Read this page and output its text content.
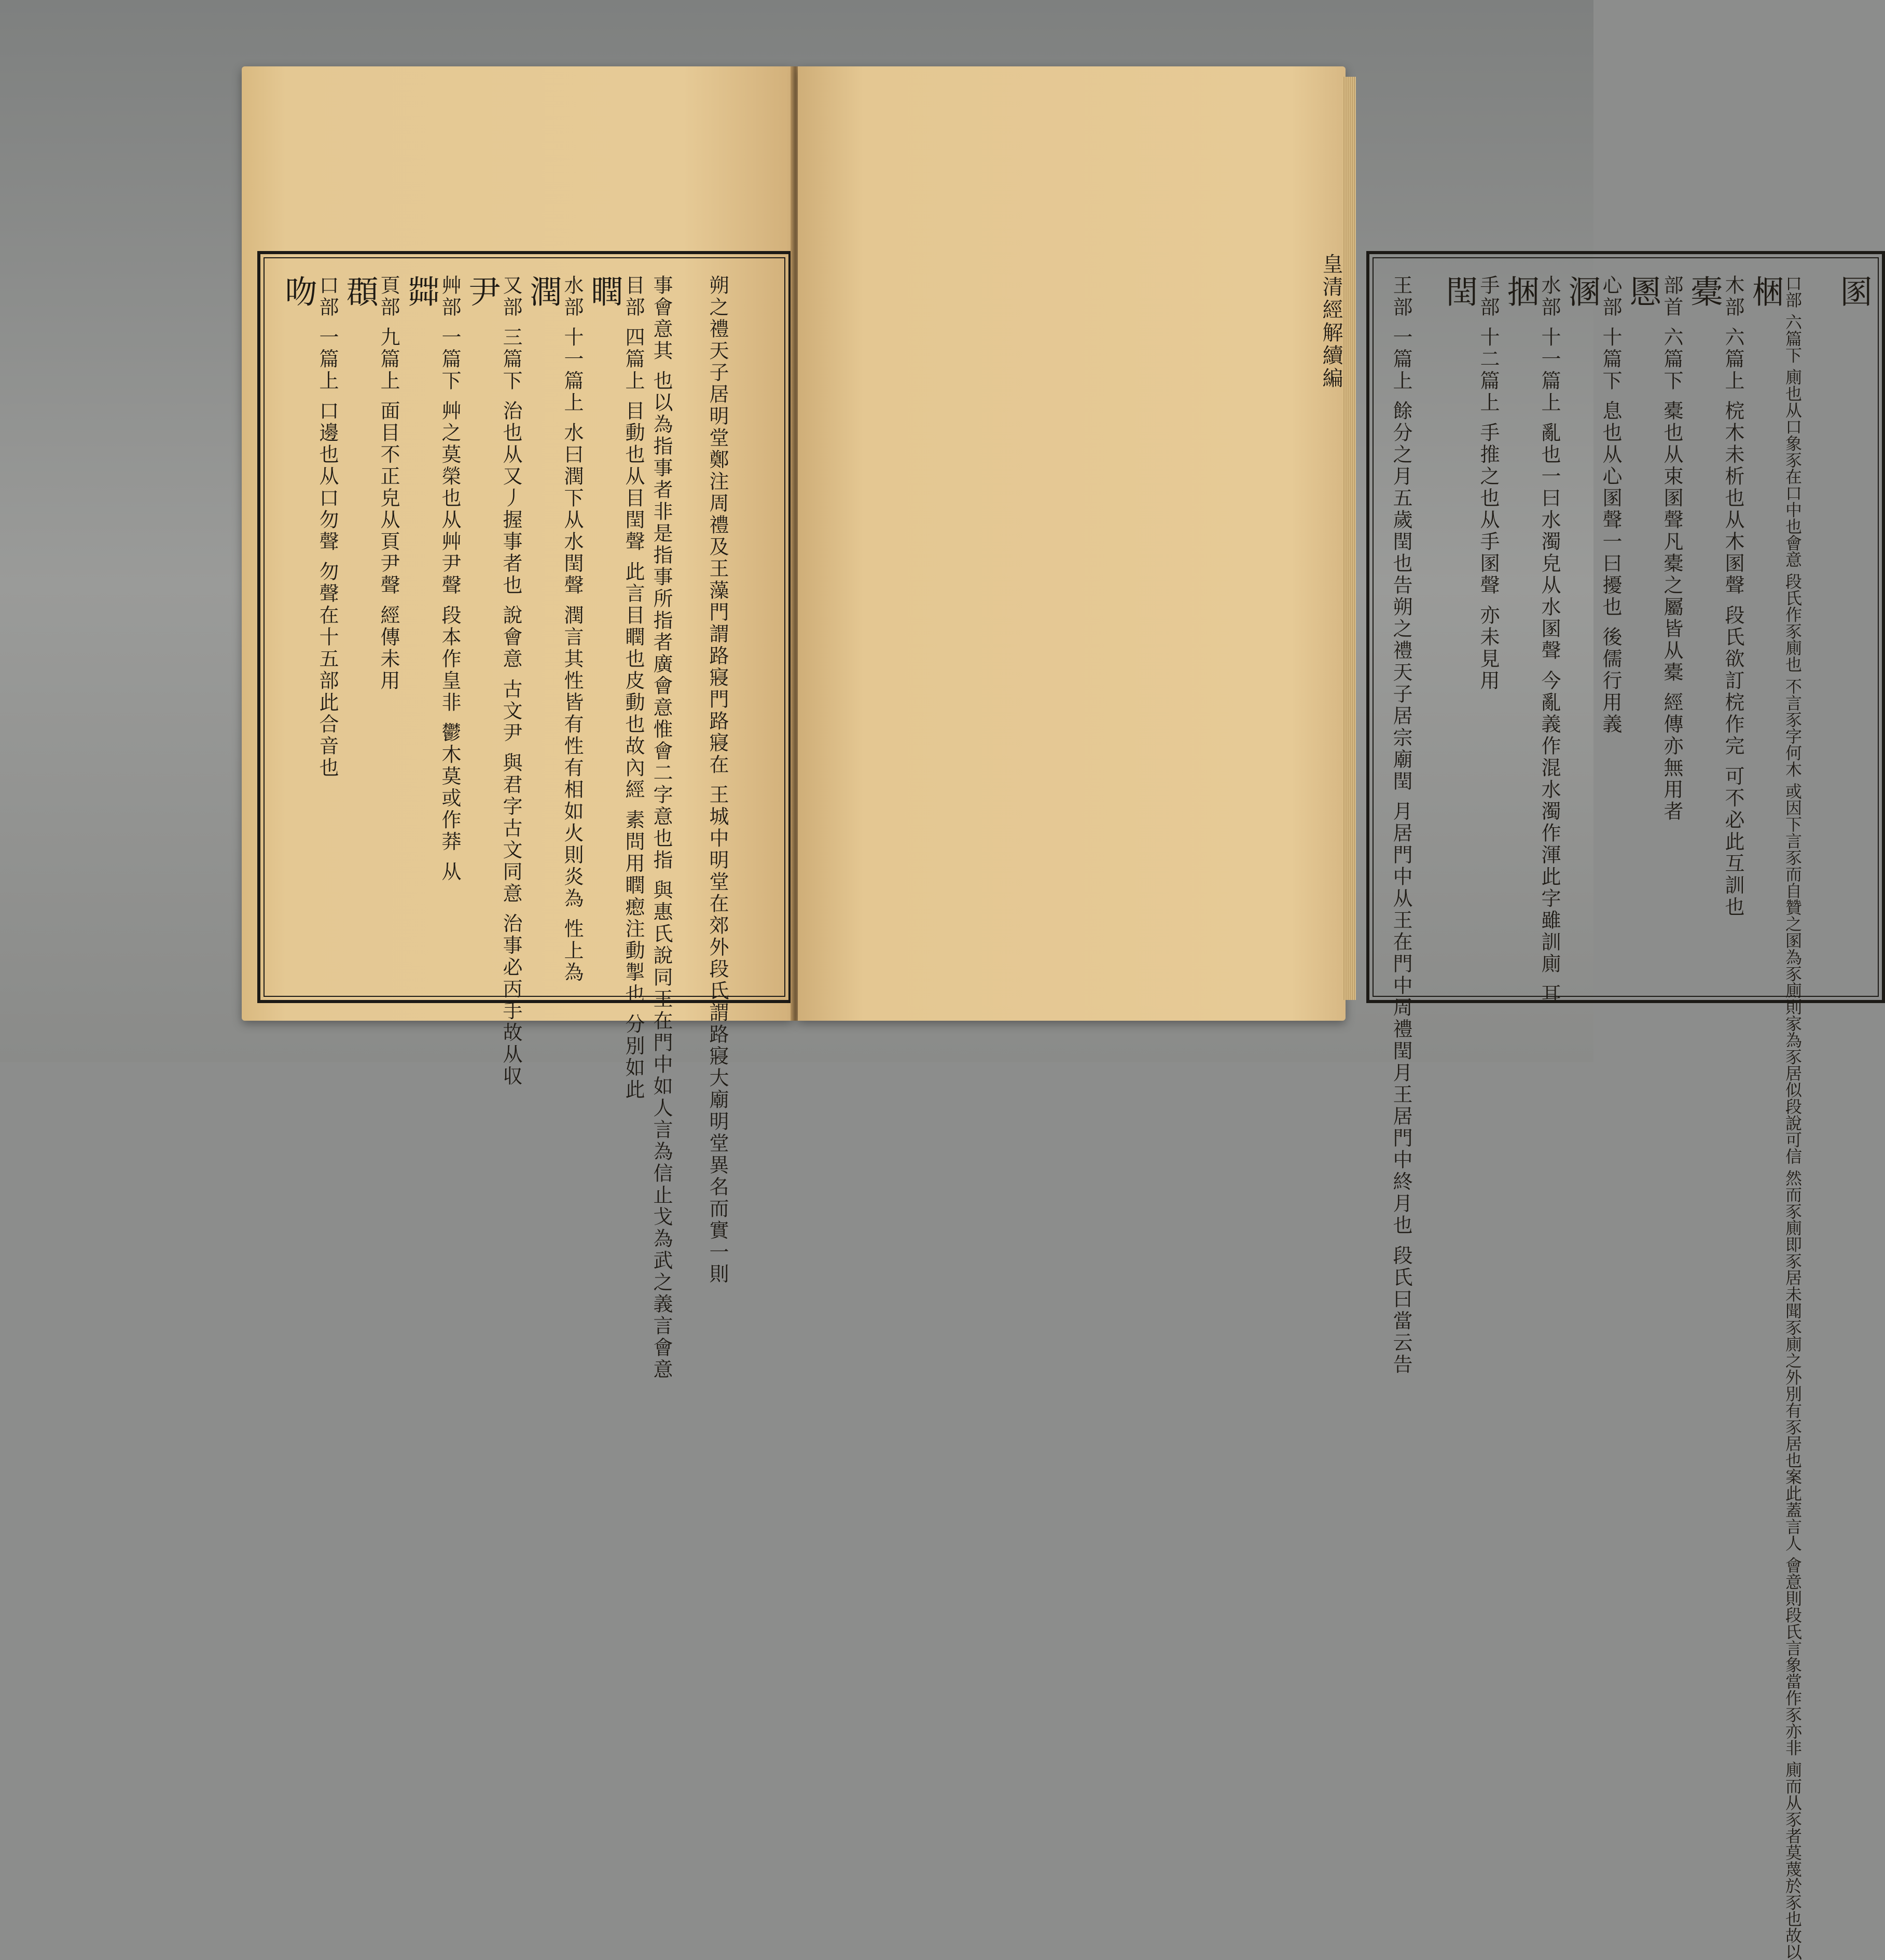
吻
口部 一篇上 口邊也从口勿聲 勿聲在十五部此合音也 頵
頁部 九篇上 面目不正皃从頁尹聲 經傳未用 茻
艸部 一篇下 艸之莫榮也从艸尹聲 段本作皇非 鬱木莫或作莽 从 尹
又部 三篇下 治也从又丿握事者也 說會意 古文尹 與君字古文同意 治事必丙手故从収 潤
水部 十一篇上 水曰潤下从水閏聲 潤言其性皆有性有相如火則炎為 性上為 瞤
目部 四篇上 目動也从目閏聲 此言目瞤也皮動也故內經 素問用瞤瘛注動掣也 分別如此 事會意其 也以為指事者非是指事所指者廣會意惟會二字意也指 與惠氏說同王在門中如人言為信止戈為武之義言會意 朔之禮天子居明堂鄭注周禮及王藻門謂路寢門路寢在 王城中明堂在郊外段氏謂路寢大廟明堂異名而實一則	王部 一篇上 餘分之月五歲閏也告朔之禮天子居宗廟閏 月居門中从王在門中周禮閏月王居門中終月也 段氏曰當云告 閏
手部 十二篇上 手推之也从手圂聲 亦未見用 捆
水部 十一篇上 亂也一曰水濁皃从水圂聲 今亂義作混水濁作渾此字雖訓廁 耳 溷
心部 十篇下 息也从心圂聲一曰擾也 後儒行用義 慁
部首 六篇下 橐也从束圂聲凡橐之屬皆从橐 經傳亦無用者 橐
木部 六篇上 梡木未析也从木圂聲 段氏欲訂梡作完 可不必此互訓也 梱
口部 六篇下 廁也从口象豕在口中也會意 段氏作豕廁也 不言豕字何木 或因下言豕而自贊之圂為豕廁則家為豕居似段說可信 然而豕廁即豕居未聞豕廁之外別有豕居也案此蓋言人 會意則段氏言象當作豕亦非 廁而从豕者莫蔑於豕也故以 圂
皇清經解續編
